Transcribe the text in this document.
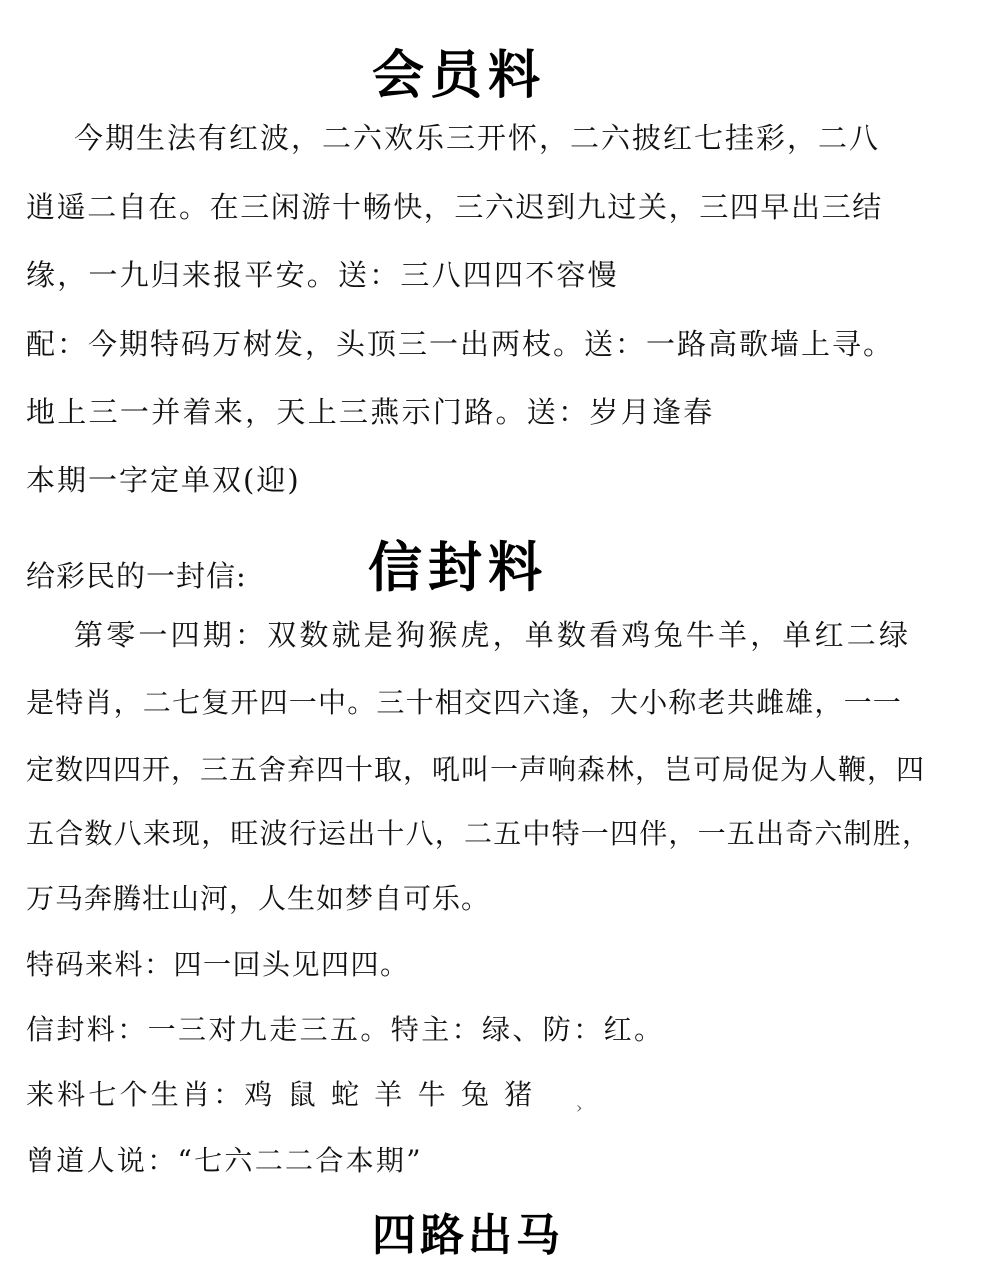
会员料
今期生法有红波，二六欢乐三开怀，二六披红七挂彩，二八
逍遥二自在。在三闲游十畅快，三六迟到九过关，三四早出三结
缘，一九归来报平安。送：三八四四不容慢
配：今期特码万树发，头顶三一出两枝。送：一路高歌墙上寻。
地上三一并着来，天上三燕示门路。送：岁月逢春
本期一字定单双(迎)
给彩民的一封信: 信封料
第零一四期：双数就是狗猴虎，单数看鸡兔牛羊，单红二绿
是特肖，二七复开四一中。三十相交四六逢，大小称老共雌雄，一一
定数四四开，三五舍弃四十取，吼叫一声响森林，岂可局促为人鞭，四
五合数八来现，旺波行运出十八，二五中特一四伴，一五出奇六制胜，
万马奔腾壮山河，人生如梦自可乐。
特码来料：四一回头见四四。
信封料：一三对九走三五。特主：绿、防：红。
来料七个生肖：鸡 鼠 蛇 羊 牛 兔 猪
曾道人说：“七六二二合本期”
›
四路出马
